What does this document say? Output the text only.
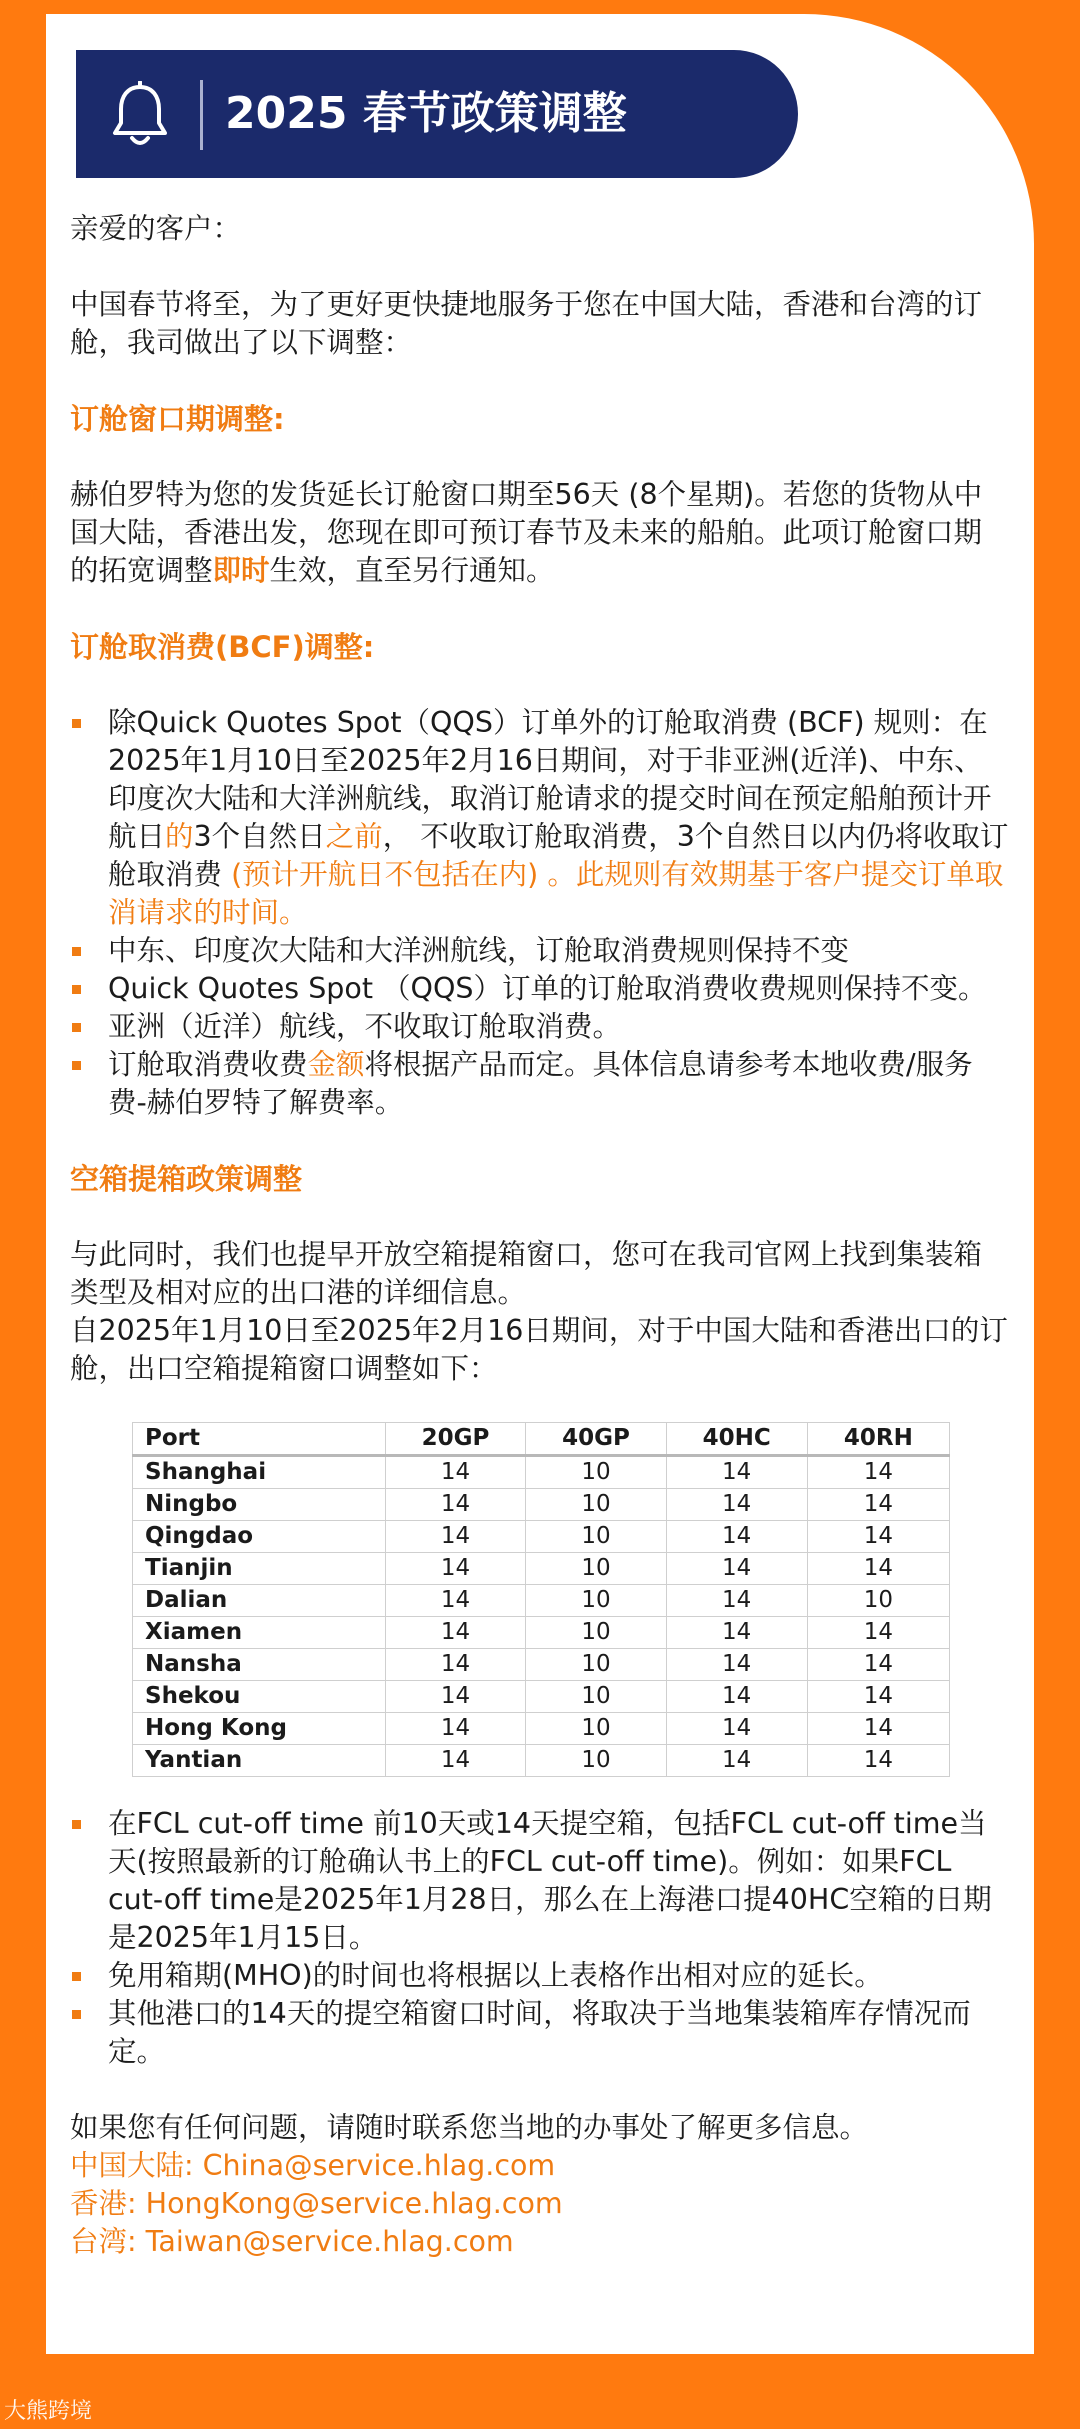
2025 春节政策调整

亲爱的客户：

中国春节将至，为了更好更快捷地服务于您在中国大陆，香港和台湾的订舱，我司做出了以下调整：

订舱窗口期调整:

赫伯罗特为您的发货延长订舱窗口期至56天 (8个星期)。若您的货物从中国大陆，香港出发，您现在即可预订春节及未来的船舶。此项订舱窗口期的拓宽调整即时生效，直至另行通知。

订舱取消费(BCF)调整:

除Quick Quotes Spot（QQS）订单外的订舱取消费 (BCF) 规则：在2025年1月10日至2025年2月16日期间，对于非亚洲(近洋)、中东、印度次大陆和大洋洲航线，取消订舱请求的提交时间在预定船舶预计开航日的3个自然日之前， 不收取订舱取消费，3个自然日以内仍将收取订舱取消费 (预计开航日不包括在内) 。此规则有效期基于客户提交订单取消请求的时间。
中东、印度次大陆和大洋洲航线，订舱取消费规则保持不变
Quick Quotes Spot （QQS）订单的订舱取消费收费规则保持不变。
亚洲（近洋）航线，不收取订舱取消费。
订舱取消费收费金额将根据产品而定。具体信息请参考本地收费/服务费-赫伯罗特了解费率。

空箱提箱政策调整

与此同时，我们也提早开放空箱提箱窗口，您可在我司官网上找到集装箱类型及相对应的出口港的详细信息。

自2025年1月10日至2025年2月16日期间，对于中国大陆和香港出口的订舱，出口空箱提箱窗口调整如下：

Port	20GP	40GP	40HC	40RH
Shanghai	14	10	14	14
Ningbo	14	10	14	14
Qingdao	14	10	14	14
Tianjin	14	10	14	14
Dalian	14	10	14	10
Xiamen	14	10	14	14
Nansha	14	10	14	14
Shekou	14	10	14	14
Hong Kong	14	10	14	14
Yantian	14	10	14	14
在FCL cut-off time 前10天或14天提空箱，包括FCL cut-off time当天(按照最新的订舱确认书上的FCL cut-off time)。例如：如果FCL cut-off time是2025年1月28日，那么在上海港口提40HC空箱的日期是2025年1月15日。
免用箱期(MHO)的时间也将根据以上表格作出相对应的延长。
其他港口的14天的提空箱窗口时间，将取决于当地集装箱库存情况而定。

如果您有任何问题，请随时联系您当地的办事处了解更多信息。

中国大陆: China@service.hlag.com

香港: HongKong@service.hlag.com

台湾: Taiwan@service.hlag.com

大熊跨境
